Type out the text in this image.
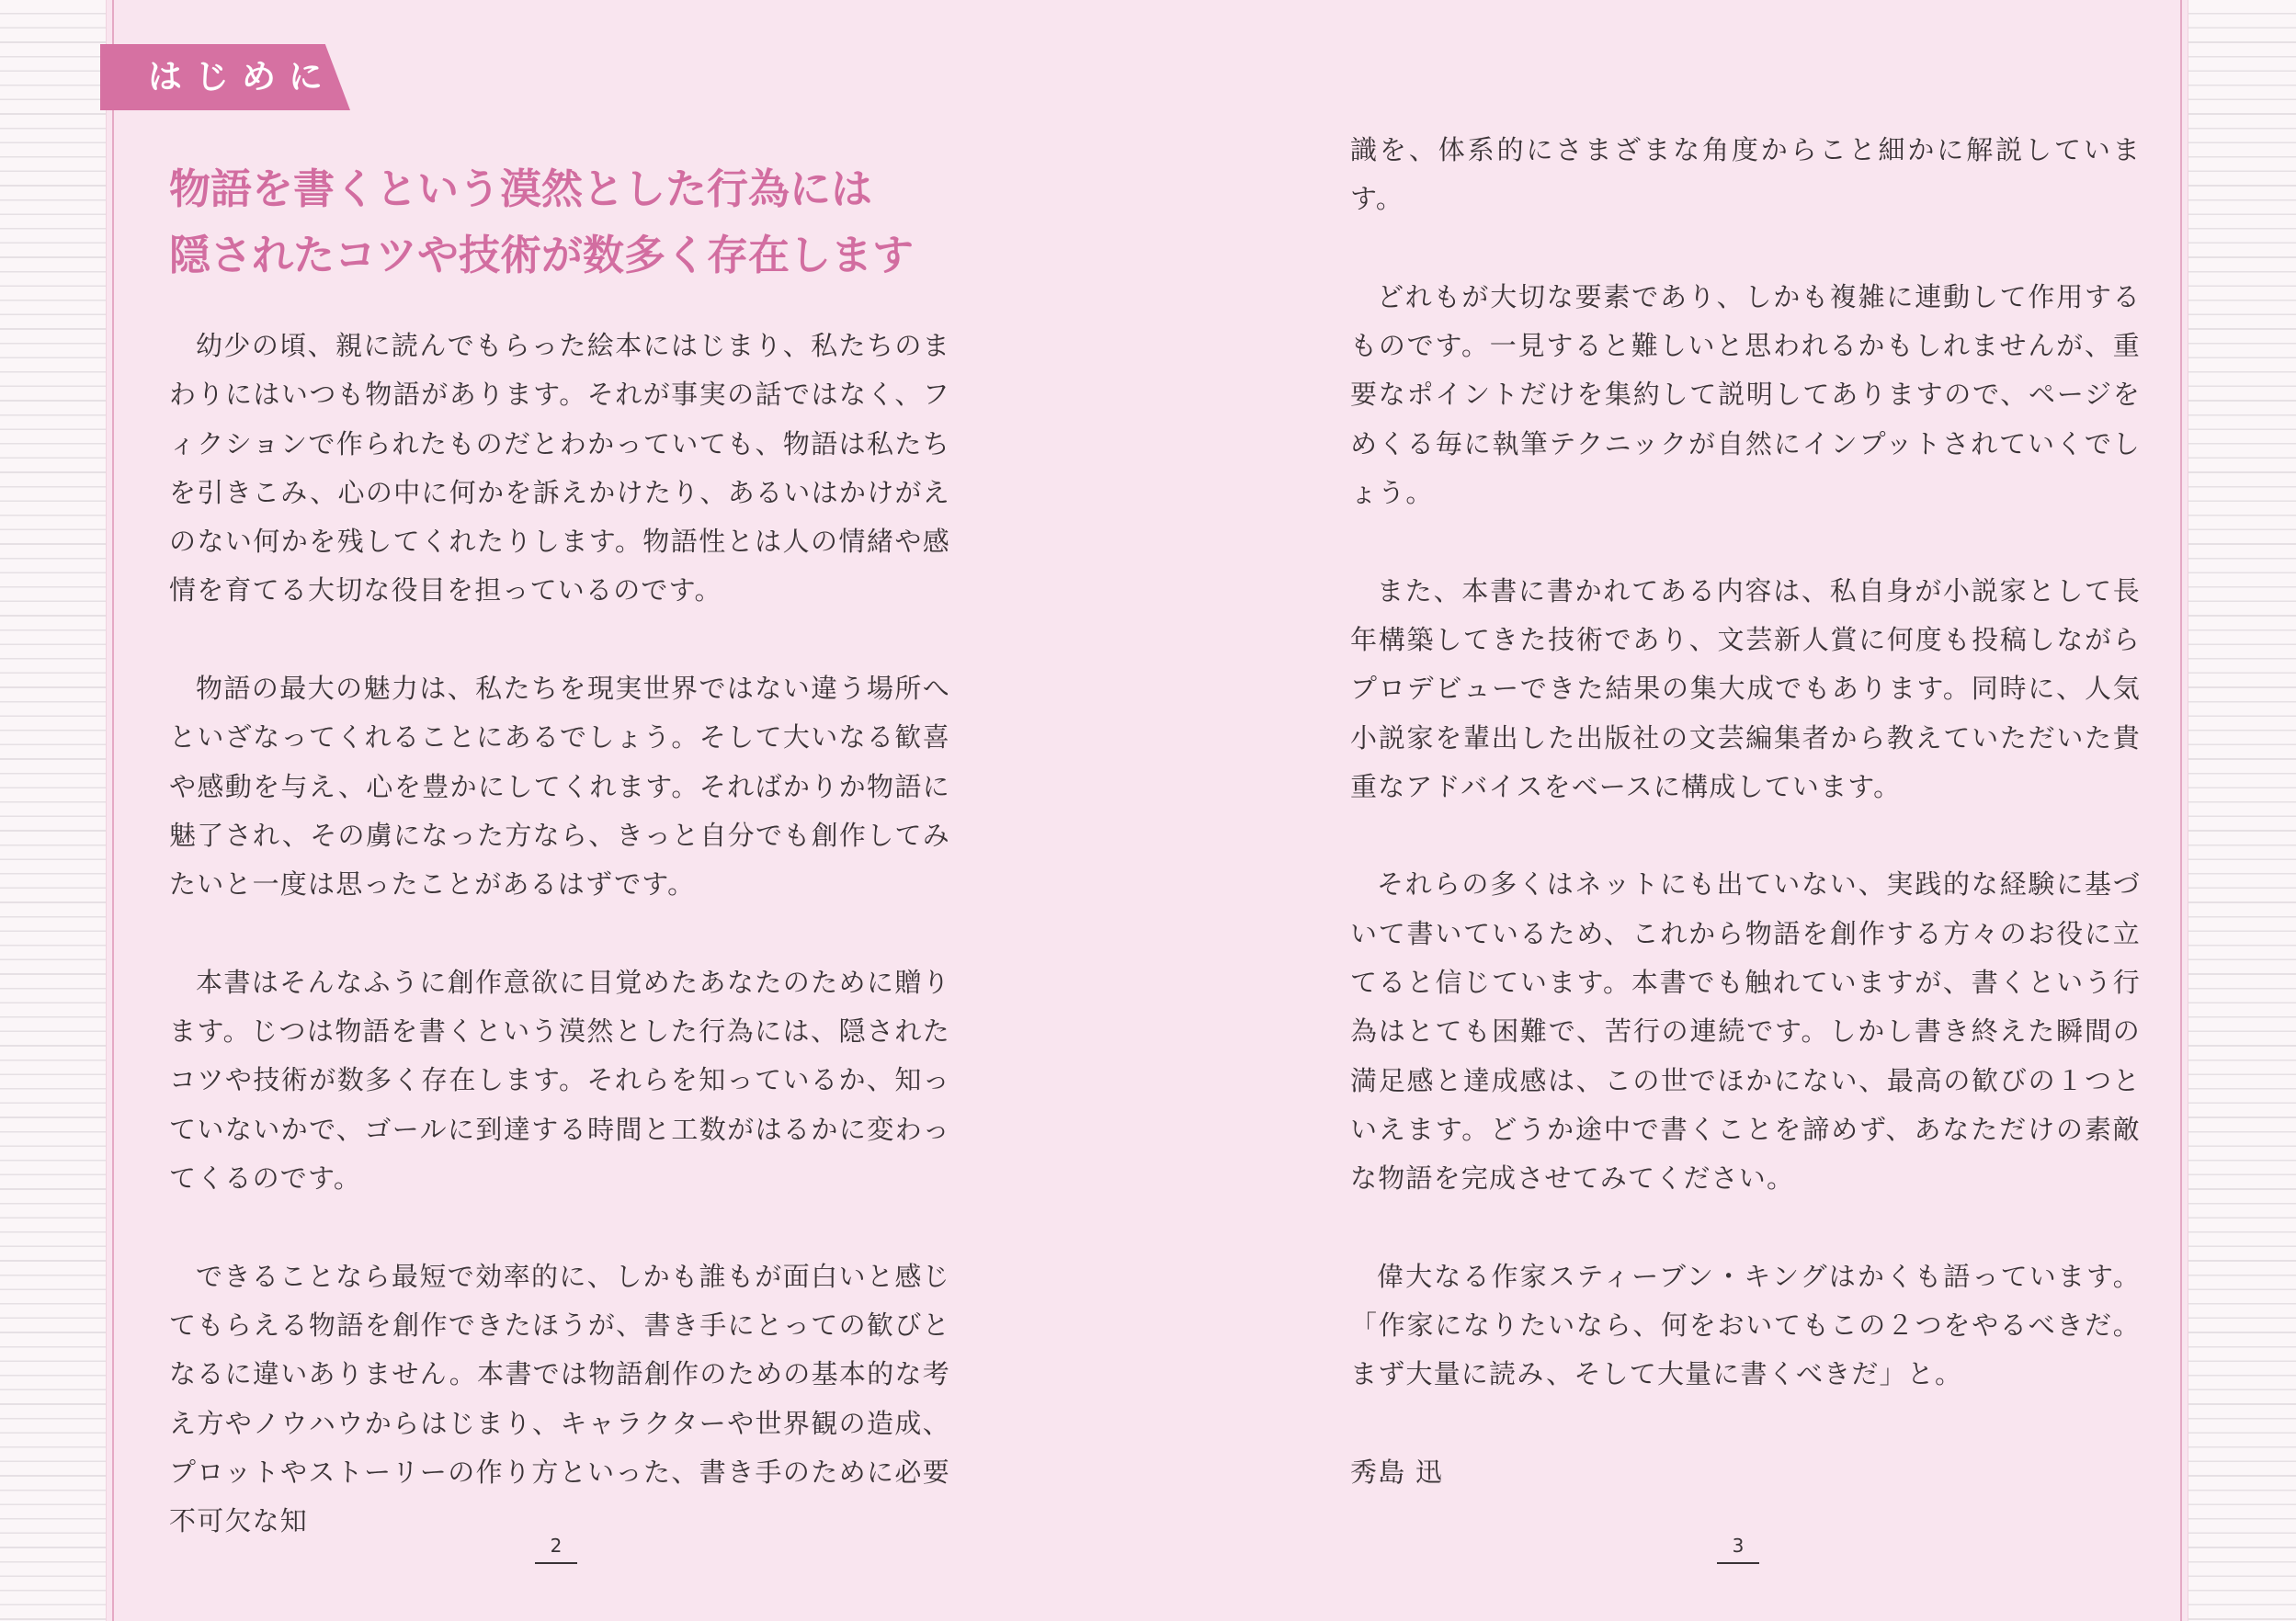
はじめに
物語を書くという漠然とした行為には
隠されたコツや技術が数多く存在します

幼少の頃、親に読んでもらった絵本にはじまり、私たちのまわりにはいつも物語があります。それが事実の話ではなく、フィクションで作られたものだとわかっていても、物語は私たちを引きこみ、心の中に何かを訴えかけたり、あるいはかけがえのない何かを残してくれたりします。物語性とは人の情緒や感情を育てる大切な役目を担っているのです。

物語の最大の魅力は、私たちを現実世界ではない違う場所へといざなってくれることにあるでしょう。そして大いなる歓喜や感動を与え、心を豊かにしてくれます。そればかりか物語に魅了され、その虜になった方なら、きっと自分でも創作してみたいと一度は思ったことがあるはずです。

本書はそんなふうに創作意欲に目覚めたあなたのために贈ります。じつは物語を書くという漠然とした行為には、隠されたコツや技術が数多く存在します。それらを知っているか、知っていないかで、ゴールに到達する時間と工数がはるかに変わってくるのです。

できることなら最短で効率的に、しかも誰もが面白いと感じてもらえる物語を創作できたほうが、書き手にとっての歓びとなるに違いありません。本書では物語創作のための基本的な考え方やノウハウからはじまり、キャラクターや世界観の造成、プロットやストーリーの作り方といった、書き手のために必要不可欠な知

識を、体系的にさまざまな角度からこと細かに解説しています。

どれもが大切な要素であり、しかも複雑に連動して作用するものです。一見すると難しいと思われるかもしれませんが、重要なポイントだけを集約して説明してありますので、ページをめくる毎に執筆テクニックが自然にインプットされていくでしょう。

また、本書に書かれてある内容は、私自身が小説家として長年構築してきた技術であり、文芸新人賞に何度も投稿しながらプロデビューできた結果の集大成でもあります。同時に、人気小説家を輩出した出版社の文芸編集者から教えていただいた貴重なアドバイスをベースに構成しています。

それらの多くはネットにも出ていない、実践的な経験に基づいて書いているため、これから物語を創作する方々のお役に立てると信じています。本書でも触れていますが、書くという行為はとても困難で、苦行の連続です。しかし書き終えた瞬間の満足感と達成感は、この世でほかにない、最高の歓びの１つといえます。どうか途中で書くことを諦めず、あなただけの素敵な物語を完成させてみてください。

偉大なる作家スティーブン・キングはかくも語っています。「作家になりたいなら、何をおいてもこの２つをやるべきだ。まず大量に読み、そして大量に書くべきだ」と。

秀島 迅

2	3
